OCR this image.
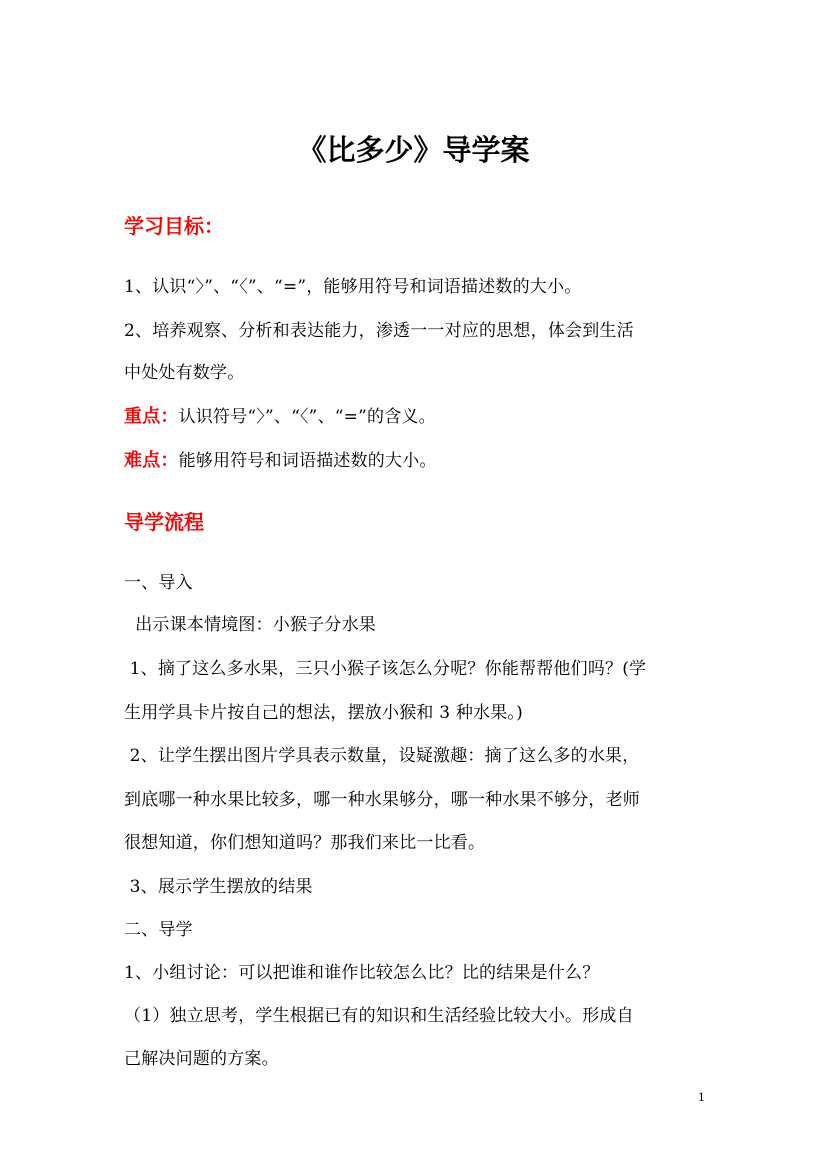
《比多少》导学案
学习目标：
1、认识“〉”、“〈”、“=”，能够用符号和词语描述数的大小。
2、培养观察、分析和表达能力，渗透一一对应的思想，体会到生活
中处处有数学。
重点：认识符号“〉”、“〈”、“=”的含义。
难点：能够用符号和词语描述数的大小。
导学流程
一、导入
出示课本情境图：小猴子分水果
1、摘了这么多水果，三只小猴子该怎么分呢？你能帮帮他们吗？(学
生用学具卡片按自己的想法，摆放小猴和 3 种水果。)
2、让学生摆出图片学具表示数量，设疑激趣：摘了这么多的水果，
到底哪一种水果比较多，哪一种水果够分，哪一种水果不够分，老师
很想知道，你们想知道吗？那我们来比一比看。
3、展示学生摆放的结果
二、导学
1、小组讨论：可以把谁和谁作比较怎么比？比的结果是什么？
（1）独立思考，学生根据已有的知识和生活经验比较大小。形成自
己解决问题的方案。
1
